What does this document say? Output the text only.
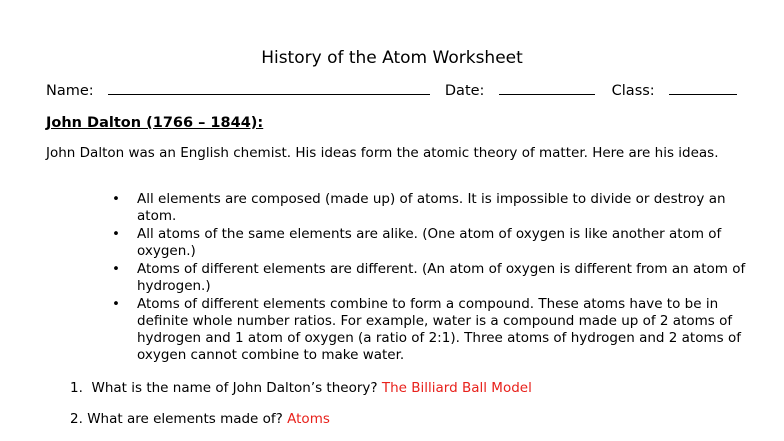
History of the Atom Worksheet
Name:	Date:	Class:
John Dalton (1766 – 1844):
John Dalton was an English chemist. His ideas form the atomic theory of matter. Here are his ideas.
• All elements are composed (made up) of atoms. It is impossible to divide or destroy an atom.
• All atoms of the same elements are alike. (One atom of oxygen is like another atom of oxygen.)
• Atoms of different elements are different. (An atom of oxygen is different from an atom of hydrogen.)
• Atoms of different elements combine to form a compound. These atoms have to be in definite whole number ratios. For example, water is a compound made up of 2 atoms of hydrogen and 1 atom of oxygen (a ratio of 2:1). Three atoms of hydrogen and 2 atoms of oxygen cannot combine to make water.
1. What is the name of John Dalton’s theory? The Billiard Ball Model
2. What are elements made of? Atoms
